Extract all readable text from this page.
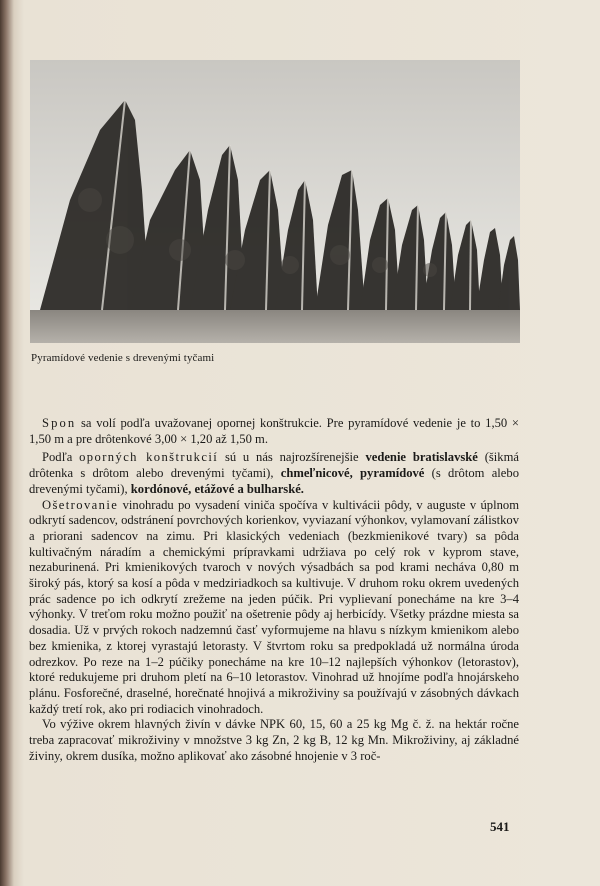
Pyramídové vedenie s drevenými tyčami

Spon sa volí podľa uvažovanej opornej konštrukcie. Pre pyramídové vedenie je to 1,50 × 1,50 m a pre drôtenkové 3,00 × 1,20 až 1,50 m.

Podľa oporných konštrukcií sú u nás najrozšírenejšie vedenie bratislavské (šikmá drôtenka s drôtom alebo drevenými tyčami), chmeľnicové, pyramídové (s drôtom alebo drevenými tyčami), kordónové, etážové a bulharské.

Ošetrovanie vinohradu po vysadení viniča spočíva v kultivácii pôdy, v auguste v úplnom odkrytí sadencov, odstránení povrchových korienkov, vyviazaní výhonkov, vylamovaní zálistkov a priorani sadencov na zimu. Pri klasických vedeniach (bezkmienikové tvary) sa pôda kultivačným náradím a chemickými prípravkami udržiava po celý rok v kyprom stave, nezaburinená. Pri kmienikových tvaroch v nových výsadbách sa pod krami necháva 0,80 m široký pás, ktorý sa kosí a pôda v medziriadkoch sa kultivuje. V druhom roku okrem uvedených prác sadence po ich odkrytí zrežeme na jeden púčik. Pri vyplievaní ponecháme na kre 3–4 výhonky. V treťom roku možno použiť na ošetrenie pôdy aj herbicídy. Všetky prázdne miesta sa dosadia. Už v prvých rokoch nadzemnú časť vyformujeme na hlavu s nízkym kmienikom alebo bez kmienika, z ktorej vyrastajú letorasty. V štvrtom roku sa predpokladá už normálna úroda odrezkov. Po reze na 1–2 púčiky ponecháme na kre 10–12 najlepších výhonkov (letorastov), ktoré redukujeme pri druhom pletí na 6–10 letorastov. Vinohrad už hnojíme podľa hnojárskeho plánu. Fosforečné, draselné, horečnaté hnojivá a mikroživiny sa používajú v zásobných dávkach každý tretí rok, ako pri rodiacich vinohradoch.

Vo výžive okrem hlavných živín v dávke NPK 60, 15, 60 a 25 kg Mg č. ž. na hektár ročne treba zapracovať mikroživiny v množstve 3 kg Zn, 2 kg B, 12 kg Mn. Mikroživiny, aj základné živiny, okrem dusíka, možno aplikovať ako zásobné hnojenie v 3 roč-

541
